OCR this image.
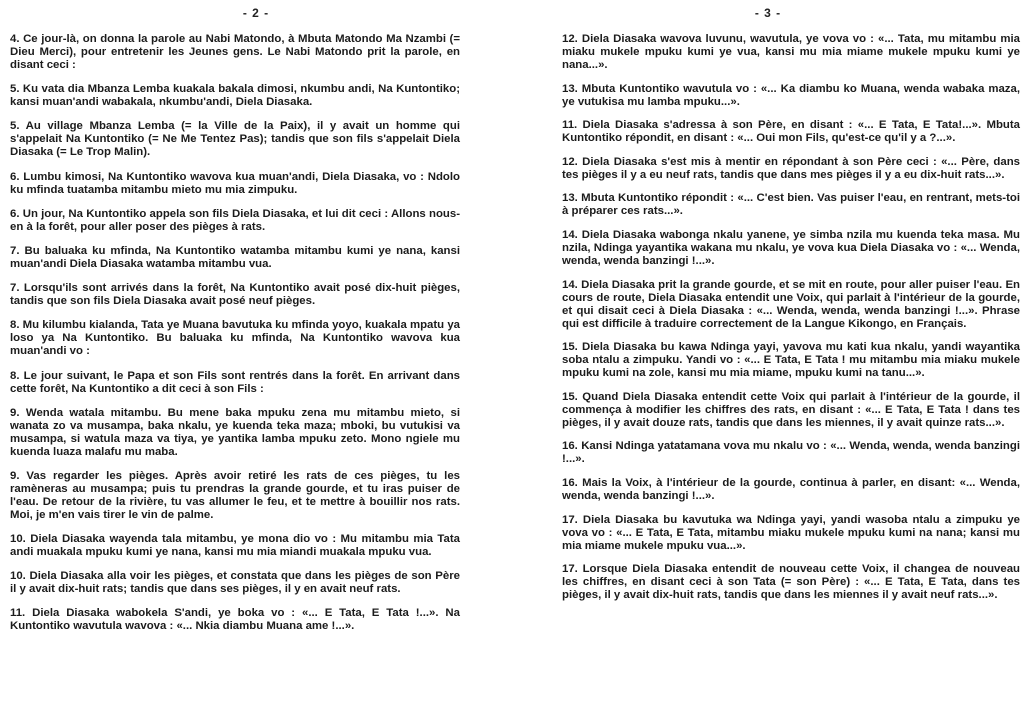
- 2 -

4. Ce jour-là, on donna la parole au Nabi Matondo, à Mbuta Matondo Ma Nzambi (= Dieu Merci), pour entretenir les Jeunes gens. Le Nabi Matondo prit la parole, en disant ceci :

5. Ku vata dia Mbanza Lemba kuakala bakala dimosi, nkumbu andi, Na Kuntontiko; kansi muan'andi wabakala, nkumbu'andi, Diela Diasaka.

5. Au village Mbanza Lemba (= la Ville de la Paix), il y avait un homme qui s'appelait Na Kuntontiko (= Ne Me Tentez Pas); tandis que son fils s'appelait Diela Diasaka (= Le Trop Malin).

6. Lumbu kimosi, Na Kuntontiko wavova kua muan'andi, Diela Diasaka, vo : Ndolo ku mfinda tuatamba mitambu mieto mu mia zimpuku.

6. Un jour, Na Kuntontiko appela son fils Diela Diasaka, et lui dit ceci : Allons nous-en à la forêt, pour aller poser des pièges à rats.

7. Bu baluaka ku mfinda, Na Kuntontiko watamba mitambu kumi ye nana, kansi muan'andi Diela Diasaka watamba mitambu vua.

7. Lorsqu'ils sont arrivés dans la forêt, Na Kuntontiko avait posé dix-huit pièges, tandis que son fils Diela Diasaka avait posé neuf pièges.

8. Mu kilumbu kialanda, Tata ye Muana bavutuka ku mfinda yoyo, kuakala mpatu ya loso ya Na Kuntontiko. Bu baluaka ku mfinda, Na Kuntontiko wavova kua muan'andi vo :

8. Le jour suivant, le Papa et son Fils sont rentrés dans la forêt. En arrivant dans cette forêt, Na Kuntontiko a dit ceci à son Fils :

9. Wenda watala mitambu. Bu mene baka mpuku zena mu mitambu mieto, si wanata zo va musampa, baka nkalu, ye kuenda teka maza; mboki, bu vutukisi va musampa, si watula maza va tiya, ye yantika lamba mpuku zeto. Mono ngiele mu kuenda luaza malafu mu maba.

9. Vas regarder les pièges. Après avoir retiré les rats de ces pièges, tu les ramèneras au musampa; puis tu prendras la grande gourde, et tu iras puiser de l'eau. De retour de la rivière, tu vas allumer le feu, et te mettre à bouillir nos rats. Moi, je m'en vais tirer le vin de palme.

10. Diela Diasaka wayenda tala mitambu, ye mona dio vo : Mu mitambu mia Tata andi muakala mpuku kumi ye nana, kansi mu mia miandi muakala mpuku vua.

10. Diela Diasaka alla voir les pièges, et constata que dans les pièges de son Père il y avait dix-huit rats; tandis que dans ses pièges, il y en avait neuf rats.

11. Diela Diasaka wabokela S'andi, ye boka vo : «... E Tata, E Tata !...». Na Kuntontiko wavutula wavova : «... Nkia diambu Muana ame !...».

- 3 -

12. Diela Diasaka wavova luvunu, wavutula, ye vova vo : «... Tata, mu mitambu mia miaku mukele mpuku kumi ye vua, kansi mu mia miame mukele mpuku kumi ye nana...».

13. Mbuta Kuntontiko wavutula vo : «... Ka diambu ko Muana, wenda wabaka maza, ye vutukisa mu lamba mpuku...».

11. Diela Diasaka s'adressa à son Père, en disant : «... E Tata, E Tata!...». Mbuta Kuntontiko répondit, en disant : «... Oui mon Fils, qu'est-ce qu'il y a ?...».

12. Diela Diasaka s'est mis à mentir en répondant à son Père ceci : «... Père, dans tes pièges il y a eu neuf rats, tandis que dans mes pièges il y a eu dix-huit rats...».

13. Mbuta Kuntontiko répondit : «... C'est bien. Vas puiser l'eau, en rentrant, mets-toi à préparer ces rats...».

14. Diela Diasaka wabonga nkalu yanene, ye simba nzila mu kuenda teka masa. Mu nzila, Ndinga yayantika wakana mu nkalu, ye vova kua Diela Diasaka vo : «... Wenda, wenda, wenda banzingi !...».

14. Diela Diasaka prit la grande gourde, et se mit en route, pour aller puiser l'eau. En cours de route, Diela Diasaka entendit une Voix, qui parlait à l'intérieur de la gourde, et qui disait ceci à Diela Diasaka : «... Wenda, wenda, wenda banzingi !...». Phrase qui est difficile à traduire correctement de la Langue Kikongo, en Français.

15. Diela Diasaka bu kawa Ndinga yayi, yavova mu kati kua nkalu, yandi wayantika soba ntalu a zimpuku. Yandi vo : «... E Tata, E Tata ! mu mitambu mia miaku mukele mpuku kumi na zole, kansi mu mia miame, mpuku kumi na tanu...».

15. Quand Diela Diasaka entendit cette Voix qui parlait à l'intérieur de la gourde, il commença à modifier les chiffres des rats, en disant : «... E Tata, E Tata ! dans tes pièges, il y avait douze rats, tandis que dans les miennes, il y avait quinze rats...».

16. Kansi Ndinga yatatamana vova mu nkalu vo : «... Wenda, wenda, wenda banzingi !...».

16. Mais la Voix, à l'intérieur de la gourde, continua à parler, en disant: «... Wenda, wenda, wenda banzingi !...».

17. Diela Diasaka bu kavutuka wa Ndinga yayi, yandi wasoba ntalu a zimpuku ye vova vo : «... E Tata, E Tata, mitambu miaku mukele mpuku kumi na nana; kansi mu mia miame mukele mpuku vua...».

17. Lorsque Diela Diasaka entendit de nouveau cette Voix, il changea de nouveau les chiffres, en disant ceci à son Tata (= son Père) : «... E Tata, E Tata, dans tes pièges, il y avait dix-huit rats, tandis que dans les miennes il y avait neuf rats...».
